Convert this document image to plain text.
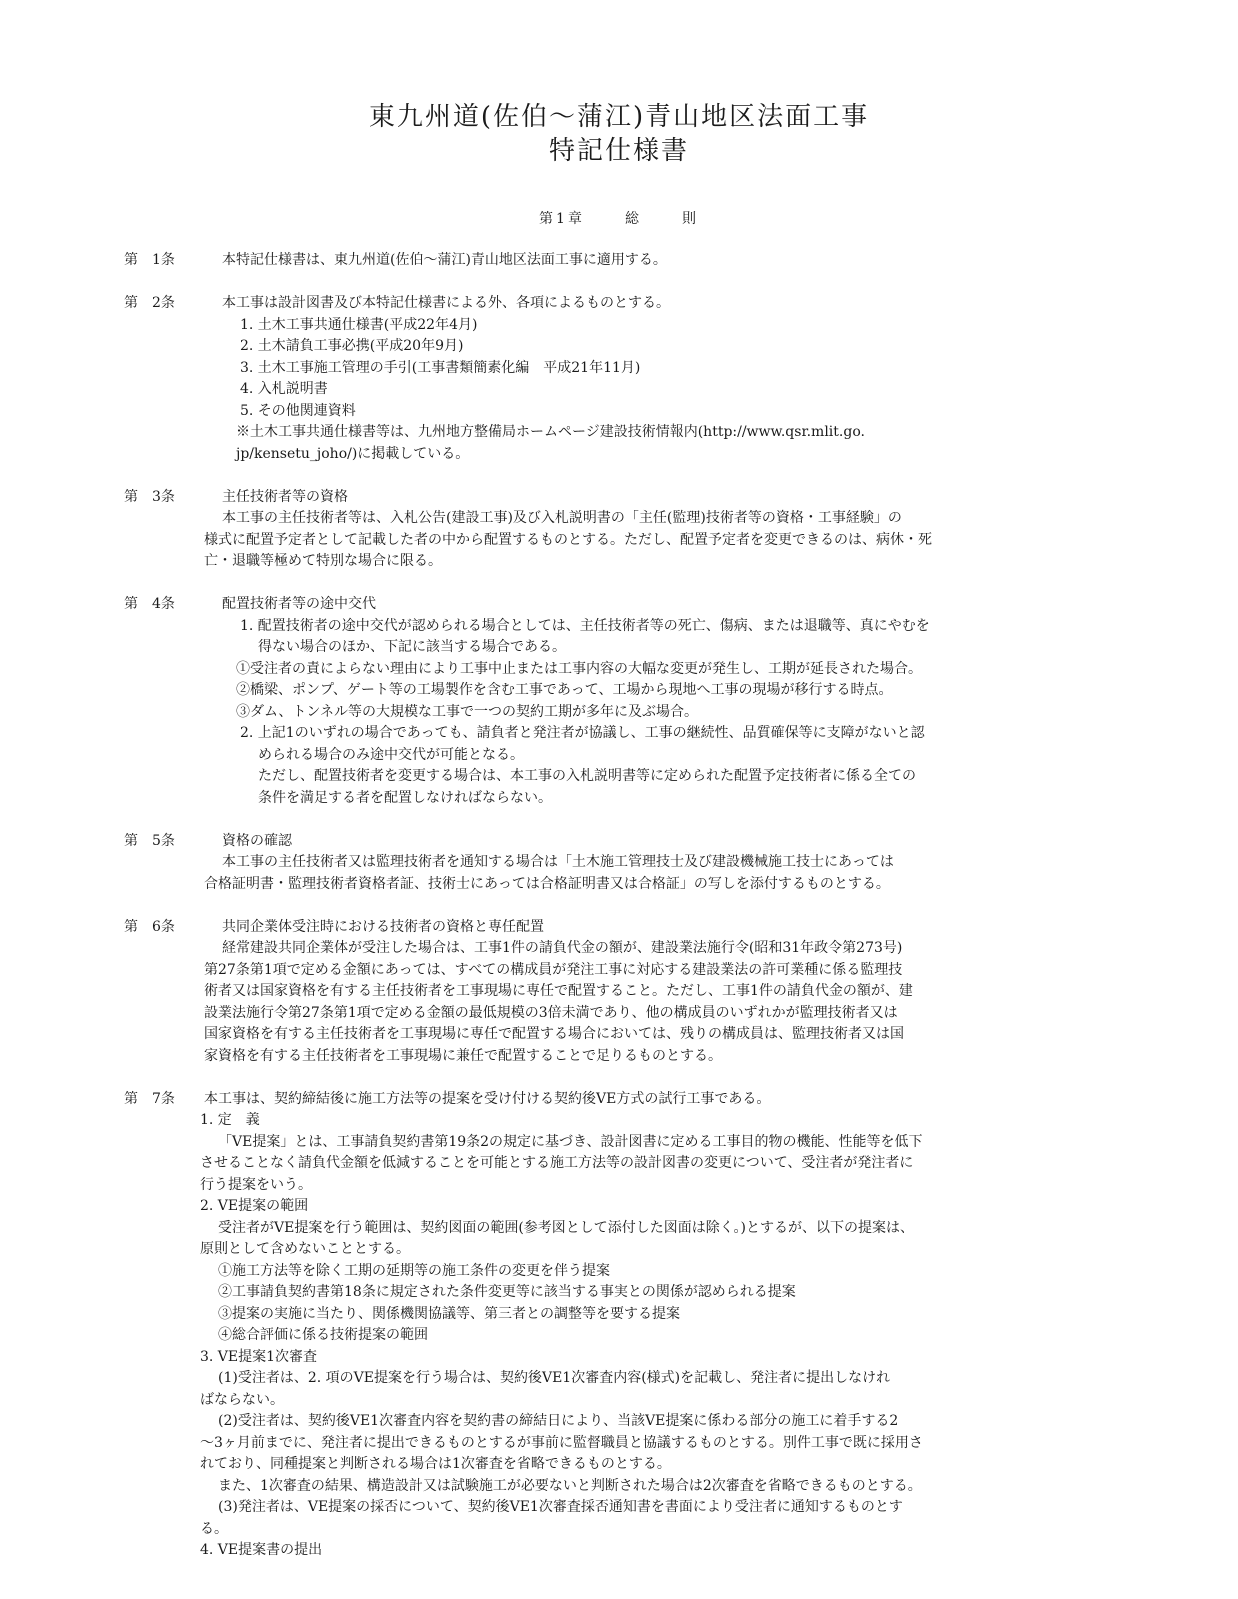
東九州道(佐伯～蒲江)青山地区法面工事
特記仕様書
第1章	総	則
第　1条	本特記仕様書は、東九州道(佐伯～蒲江)青山地区法面工事に適用する。
第　2条	本工事は設計図書及び本特記仕様書による外、各項によるものとする。
1. 土木工事共通仕様書(平成22年4月)
2. 土木請負工事必携(平成20年9月)
3. 土木工事施工管理の手引(工事書類簡素化編　平成21年11月)
4. 入札説明書
5. その他関連資料
※土木工事共通仕様書等は、九州地方整備局ホームページ建設技術情報内(http://www.qsr.mlit.go.
jp/kensetu_joho/)に掲載している。
第　3条	主任技術者等の資格
本工事の主任技術者等は、入札公告(建設工事)及び入札説明書の「主任(監理)技術者等の資格・工事経験」の
様式に配置予定者として記載した者の中から配置するものとする。ただし、配置予定者を変更できるのは、病休・死
亡・退職等極めて特別な場合に限る。
第　4条	配置技術者等の途中交代
1. 配置技術者の途中交代が認められる場合としては、主任技術者等の死亡、傷病、または退職等、真にやむを
得ない場合のほか、下記に該当する場合である。
①受注者の責によらない理由により工事中止または工事内容の大幅な変更が発生し、工期が延長された場合。
②橋梁、ポンプ、ゲート等の工場製作を含む工事であって、工場から現地へ工事の現場が移行する時点。
③ダム、トンネル等の大規模な工事で一つの契約工期が多年に及ぶ場合。
2. 上記1のいずれの場合であっても、請負者と発注者が協議し、工事の継続性、品質確保等に支障がないと認
められる場合のみ途中交代が可能となる。
ただし、配置技術者を変更する場合は、本工事の入札説明書等に定められた配置予定技術者に係る全ての
条件を満足する者を配置しなければならない。
第　5条	資格の確認
本工事の主任技術者又は監理技術者を通知する場合は「土木施工管理技士及び建設機械施工技士にあっては
合格証明書・監理技術者資格者証、技術士にあっては合格証明書又は合格証」の写しを添付するものとする。
第　6条	共同企業体受注時における技術者の資格と専任配置
経常建設共同企業体が受注した場合は、工事1件の請負代金の額が、建設業法施行令(昭和31年政令第273号)
第27条第1項で定める金額にあっては、すべての構成員が発注工事に対応する建設業法の許可業種に係る監理技
術者又は国家資格を有する主任技術者を工事現場に専任で配置すること。ただし、工事1件の請負代金の額が、建
設業法施行令第27条第1項で定める金額の最低規模の3倍未満であり、他の構成員のいずれかが監理技術者又は
国家資格を有する主任技術者を工事現場に専任で配置する場合においては、残りの構成員は、監理技術者又は国
家資格を有する主任技術者を工事現場に兼任で配置することで足りるものとする。
第　7条 本工事は、契約締結後に施工方法等の提案を受け付ける契約後VE方式の試行工事である。
1. 定　義
「VE提案」とは、工事請負契約書第19条2の規定に基づき、設計図書に定める工事目的物の機能、性能等を低下
させることなく請負代金額を低減することを可能とする施工方法等の設計図書の変更について、受注者が発注者に
行う提案をいう。
2. VE提案の範囲
受注者がVE提案を行う範囲は、契約図面の範囲(参考図として添付した図面は除く。)とするが、以下の提案は、
原則として含めないこととする。
①施工方法等を除く工期の延期等の施工条件の変更を伴う提案
②工事請負契約書第18条に規定された条件変更等に該当する事実との関係が認められる提案
③提案の実施に当たり、関係機関協議等、第三者との調整等を要する提案
④総合評価に係る技術提案の範囲
3. VE提案1次審査
(1)受注者は、2. 項のVE提案を行う場合は、契約後VE1次審査内容(様式)を記載し、発注者に提出しなけれ
ばならない。
(2)受注者は、契約後VE1次審査内容を契約書の締結日により、当該VE提案に係わる部分の施工に着手する2
～3ヶ月前までに、発注者に提出できるものとするが事前に監督職員と協議するものとする。別件工事で既に採用さ
れており、同種提案と判断される場合は1次審査を省略できるものとする。
また、1次審査の結果、構造設計又は試験施工が必要ないと判断された場合は2次審査を省略できるものとする。
(3)発注者は、VE提案の採否について、契約後VE1次審査採否通知書を書面により受注者に通知するものとす
る。
4. VE提案書の提出
